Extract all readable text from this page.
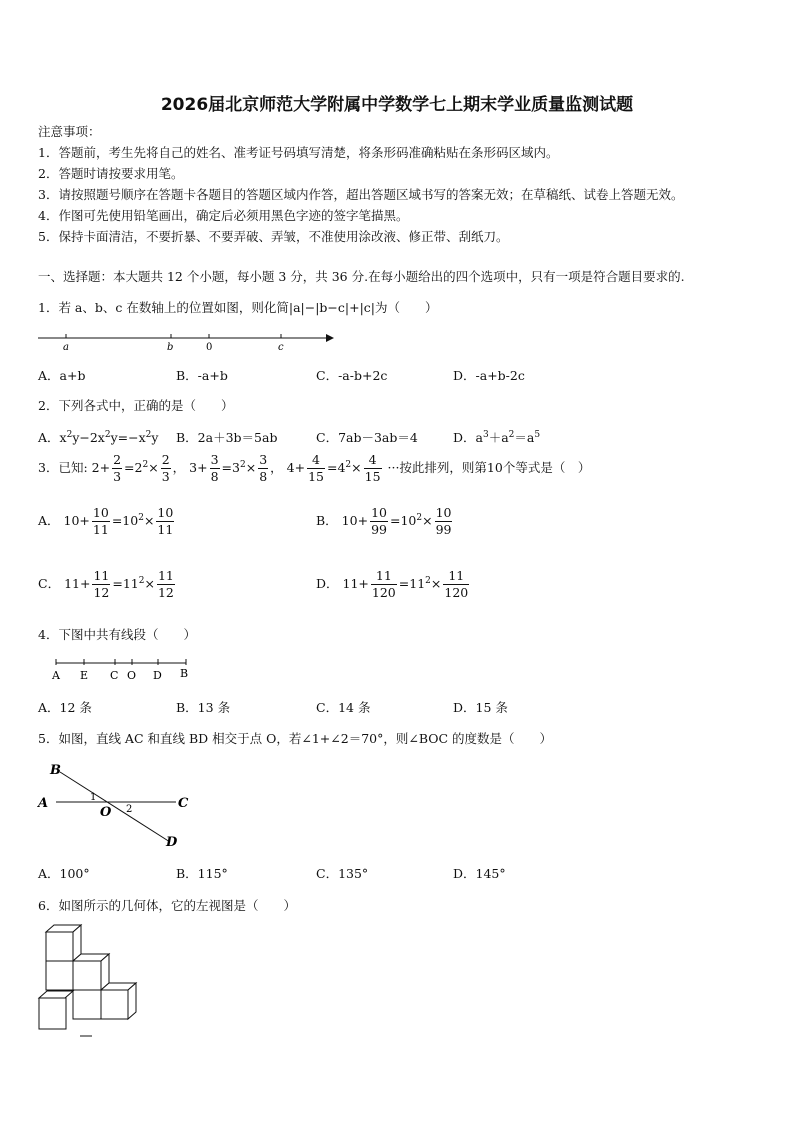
2026届北京师范大学附属中学数学七上期末学业质量监测试题
注意事项：
1．答题前，考生先将自己的姓名、准考证号码填写清楚，将条形码准确粘贴在条形码区域内。
2．答题时请按要求用笔。
3．请按照题号顺序在答题卡各题目的答题区域内作答，超出答题区域书写的答案无效；在草稿纸、试卷上答题无效。
4．作图可先使用铅笔画出，确定后必须用黑色字迹的签字笔描黑。
5．保持卡面清洁，不要折暴、不要弄破、弄皱，不准使用涂改液、修正带、刮纸刀。
一、选择题：本大题共 12 个小题，每小题 3 分，共 36 分.在每小题给出的四个选项中，只有一项是符合题目要求的.
1．若 a、b、c 在数轴上的位置如图，则化简|a|−|b−c|+|c|为（　　）
a	b	0	c
A．a+b	B．-a+b	C．-a-b+2c	D．-a+b-2c
2．下列各式中，正确的是（　　）
A．$x^2y-2x^2y=-x^2y$ B．2a＋3b＝5ab	C．7ab－3ab＝4	D．$a^3+a^2=a^5$
3．已知: $2+ \frac{2}{3} =2^2\times \frac{2}{3}$ ， $3+ \frac{3}{8} =3^2\times \frac{3}{8}$ ， $4+ \frac{4}{15} =4^2\times \frac{4}{15}$ ···按此排列，则第10个等式是（　）
A． $10+ \frac{10}{11} =10^2\times \frac{10}{11}$	B． $10+ \frac{10}{99} =10^2\times \frac{10}{99}$
C． $11+ \frac{11}{12} =11^2\times \frac{11}{12}$	D． $11+ \frac{11}{120} =11^2\times \frac{11}{120}$
4．下图中共有线段（　　）
A E C O D B
A．12 条	B．13 条	C．14 条	D．15 条
5．如图，直线 AC 和直线 BD 相交于点 O，若∠1+∠2＝70°，则∠BOC 的度数是（　　）
B
A
O
C
D
1
2
A．100°	B．115°	C．135°	D．145°
6．如图所示的几何体，它的左视图是（　　）
